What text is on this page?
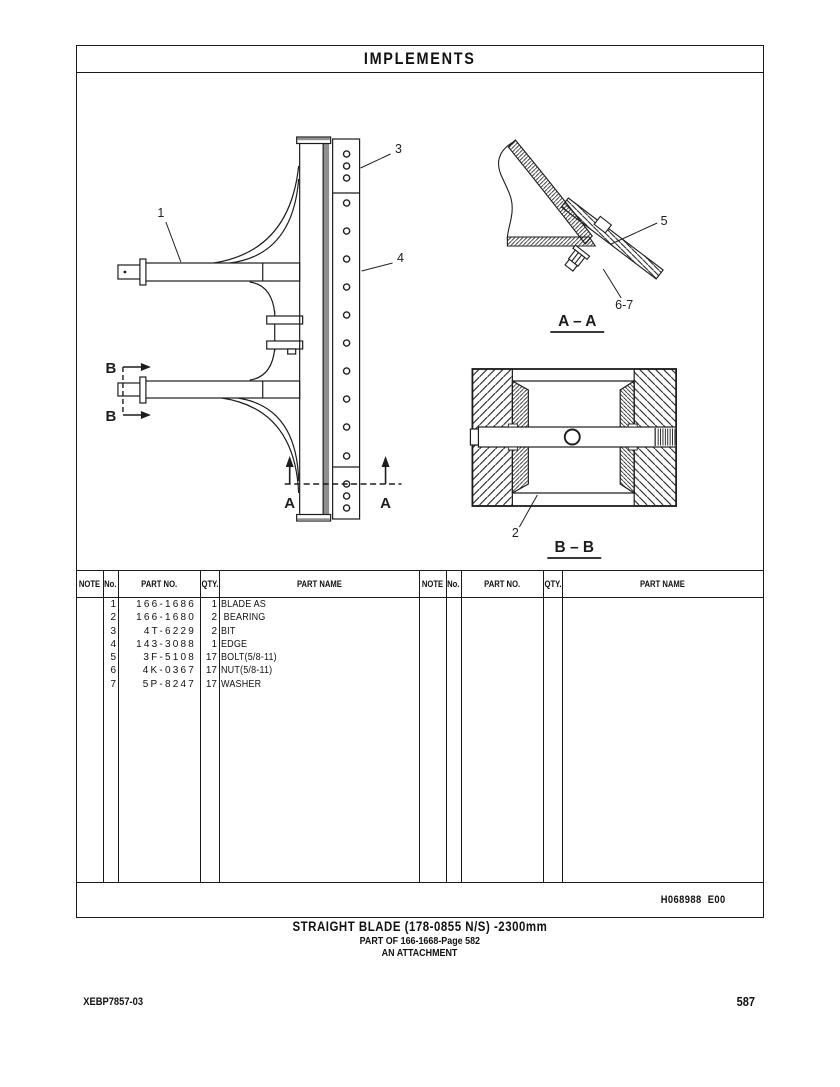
IMPLEMENTS
A	A
B
B
1
3
4
5
6-7
A – A
2
B – B
NOTE No.	PART NO.	QTY.	PART NAME
1	166-1686	1 BLADE AS
2	166-1680	2 BEARING
3	4T-6229	2 BIT
4	143-3088	1 EDGE
5	3F-5108 17 BOLT(5/8-11)
6	4K-0367 17 NUT(5/8-11)
7	5P-8247 17 WASHER
NOTE No.	PART NO.	QTY.	PART NAME
H068988  E00
STRAIGHT BLADE (178-0855 N/S) -2300mm
PART OF 166-1668-Page 582
AN ATTACHMENT
XEBP7857-03	587
